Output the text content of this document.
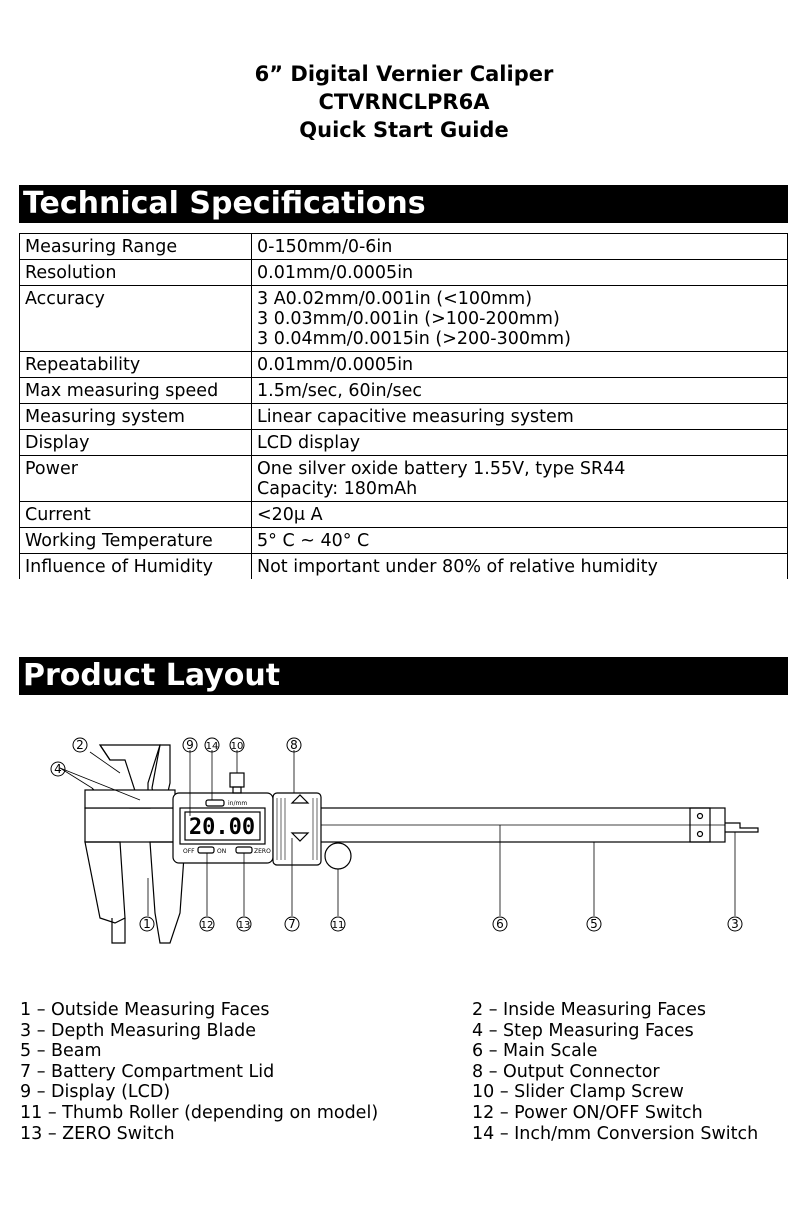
6” Digital Vernier Caliper
CTVRNCLPR6A
Quick Start Guide
Technical Specifications
Measuring Range	0-150mm/0-6in

Resolution	0.01mm/0.0005in

Accuracy	3 A0.02mm/0.001in (<100mm)
3 0.03mm/0.001in (>100-200mm)
3 0.04mm/0.0015in (>200-300mm)

Repeatability	0.01mm/0.0005in

Max measuring speed	1.5m/sec, 60in/sec

Measuring system	Linear capacitive measuring system

Display	LCD display

Power	One silver oxide battery 1.55V, type SR44
Capacity: 180mAh

Current	<20μ A

Working Temperature	5° C ~ 40° C

Influence of Humidity	Not important under 80% of relative humidity
Product Layout
20.00
in/mm
OFF	ON	ZERO
1
2
3
4
5
6
7
8
9	10
11
12 13
14
1 – Outside Measuring Faces
3 – Depth Measuring Blade
5 – Beam
7 – Battery Compartment Lid
9 – Display (LCD)
11 – Thumb Roller (depending on model)
13 – ZERO Switch
2 – Inside Measuring Faces
4 – Step Measuring Faces
6 – Main Scale
8 – Output Connector
10 – Slider Clamp Screw
12 – Power ON/OFF Switch
14 – Inch/mm Conversion Switch
